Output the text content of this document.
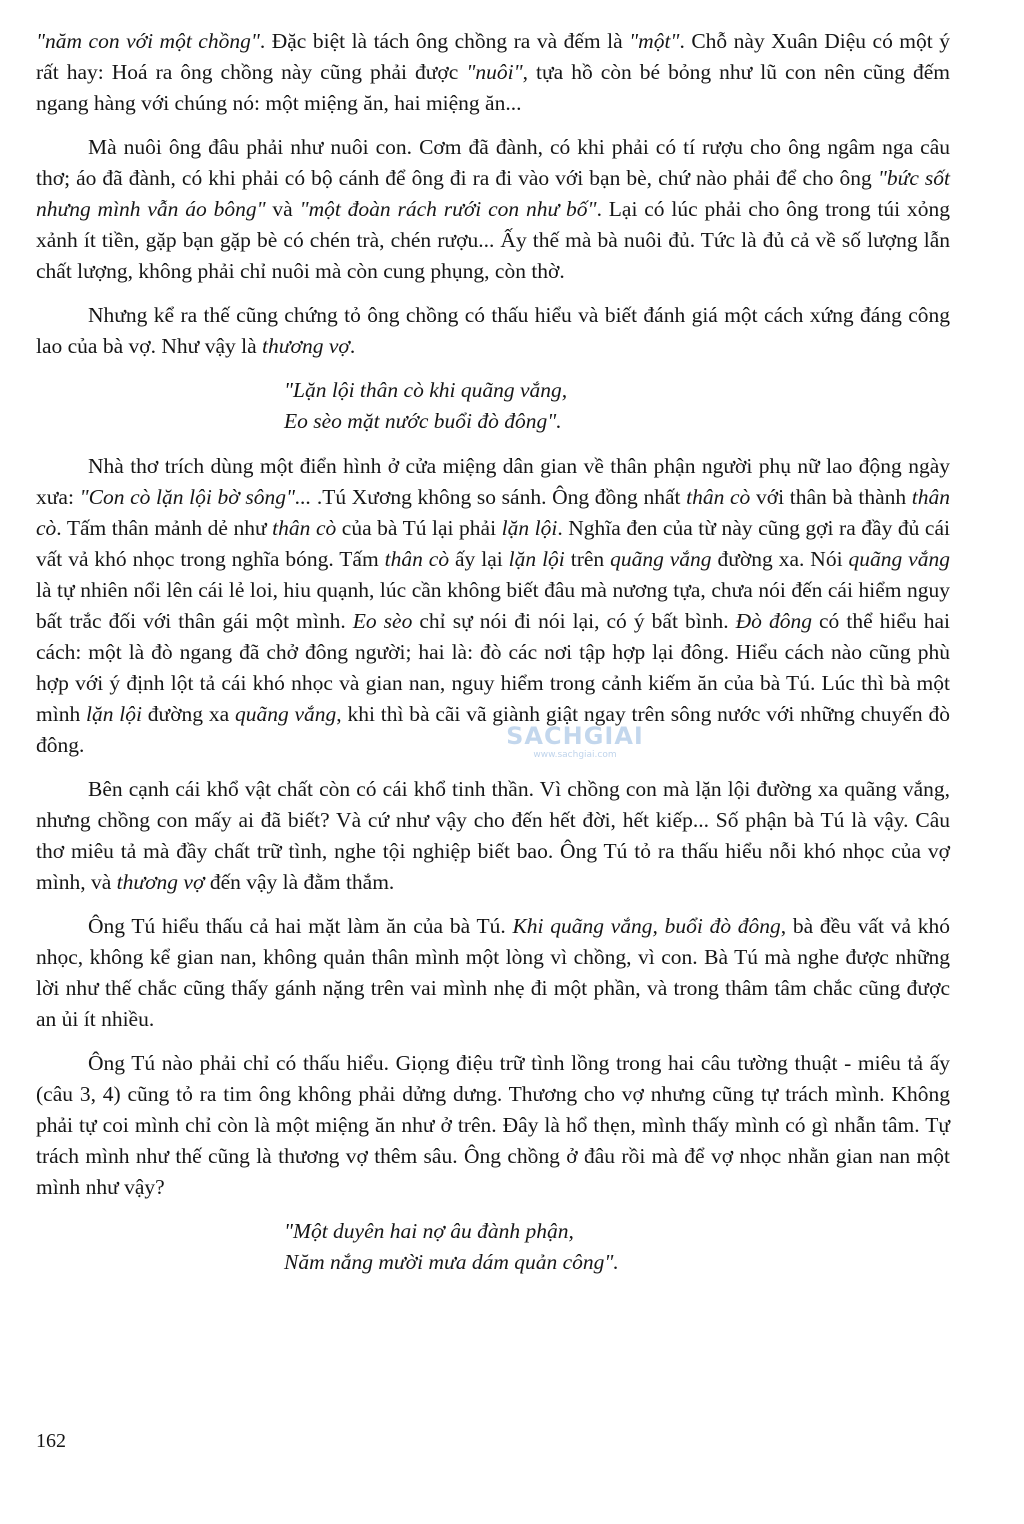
"năm con với một chồng". Đặc biệt là tách ông chồng ra và đếm là "một". Chỗ này Xuân Diệu có một ý rất hay: Hoá ra ông chồng này cũng phải được "nuôi", tựa hồ còn bé bỏng như lũ con nên cũng đếm ngang hàng với chúng nó: một miệng ăn, hai miệng ăn...

Mà nuôi ông đâu phải như nuôi con. Cơm đã đành, có khi phải có tí rượu cho ông ngâm nga câu thơ; áo đã đành, có khi phải có bộ cánh để ông đi ra đi vào với bạn bè, chứ nào phải để cho ông "bức sốt nhưng mình vẫn áo bông" và "một đoàn rách rưới con như bố". Lại có lúc phải cho ông trong túi xỏng xảnh ít tiền, gặp bạn gặp bè có chén trà, chén rượu... Ấy thế mà bà nuôi đủ. Tức là đủ cả về số lượng lẫn chất lượng, không phải chỉ nuôi mà còn cung phụng, còn thờ.

Nhưng kể ra thế cũng chứng tỏ ông chồng có thấu hiểu và biết đánh giá một cách xứng đáng công lao của bà vợ. Như vậy là thương vợ.

"Lặn lội thân cò khi quãng vắng,
Eo sèo mặt nước buổi đò đông".

Nhà thơ trích dùng một điển hình ở cửa miệng dân gian về thân phận người phụ nữ lao động ngày xưa: "Con cò lặn lội bờ sông"... .Tú Xương không so sánh. Ông đồng nhất thân cò với thân bà thành thân cò. Tấm thân mảnh dẻ như thân cò của bà Tú lại phải lặn lội. Nghĩa đen của từ này cũng gợi ra đầy đủ cái vất vả khó nhọc trong nghĩa bóng. Tấm thân cò ấy lại lặn lội trên quãng vắng đường xa. Nói quãng vắng là tự nhiên nổi lên cái lẻ loi, hiu quạnh, lúc cần không biết đâu mà nương tựa, chưa nói đến cái hiểm nguy bất trắc đối với thân gái một mình. Eo sèo chỉ sự nói đi nói lại, có ý bất bình. Đò đông có thể hiểu hai cách: một là đò ngang đã chở đông người; hai là: đò các nơi tập hợp lại đông. Hiểu cách nào cũng phù hợp với ý định lột tả cái khó nhọc và gian nan, nguy hiểm trong cảnh kiếm ăn của bà Tú. Lúc thì bà một mình lặn lội đường xa quãng vắng, khi thì bà cãi vã giành giật ngay trên sông nước với những chuyến đò đông.

Bên cạnh cái khổ vật chất còn có cái khổ tinh thần. Vì chồng con mà lặn lội đường xa quãng vắng, nhưng chồng con mấy ai đã biết? Và cứ như vậy cho đến hết đời, hết kiếp... Số phận bà Tú là vậy. Câu thơ miêu tả mà đầy chất trữ tình, nghe tội nghiệp biết bao. Ông Tú tỏ ra thấu hiểu nỗi khó nhọc của vợ mình, và thương vợ đến vậy là đằm thắm.

Ông Tú hiểu thấu cả hai mặt làm ăn của bà Tú. Khi quãng vắng, buổi đò đông, bà đều vất vả khó nhọc, không kể gian nan, không quản thân mình một lòng vì chồng, vì con. Bà Tú mà nghe được những lời như thế chắc cũng thấy gánh nặng trên vai mình nhẹ đi một phần, và trong thâm tâm chắc cũng được an ủi ít nhiều.

Ông Tú nào phải chỉ có thấu hiểu. Giọng điệu trữ tình lồng trong hai câu tường thuật - miêu tả ấy (câu 3, 4) cũng tỏ ra tim ông không phải dửng dưng. Thương cho vợ nhưng cũng tự trách mình. Không phải tự coi mình chỉ còn là một miệng ăn như ở trên. Đây là hổ thẹn, mình thấy mình có gì nhẫn tâm. Tự trách mình như thế cũng là thương vợ thêm sâu. Ông chồng ở đâu rồi mà để vợ nhọc nhằn gian nan một mình như vậy?

"Một duyên hai nợ âu đành phận,
Năm nắng mười mưa dám quản công".
SACHGIAI
www.sachgiai.com
162
